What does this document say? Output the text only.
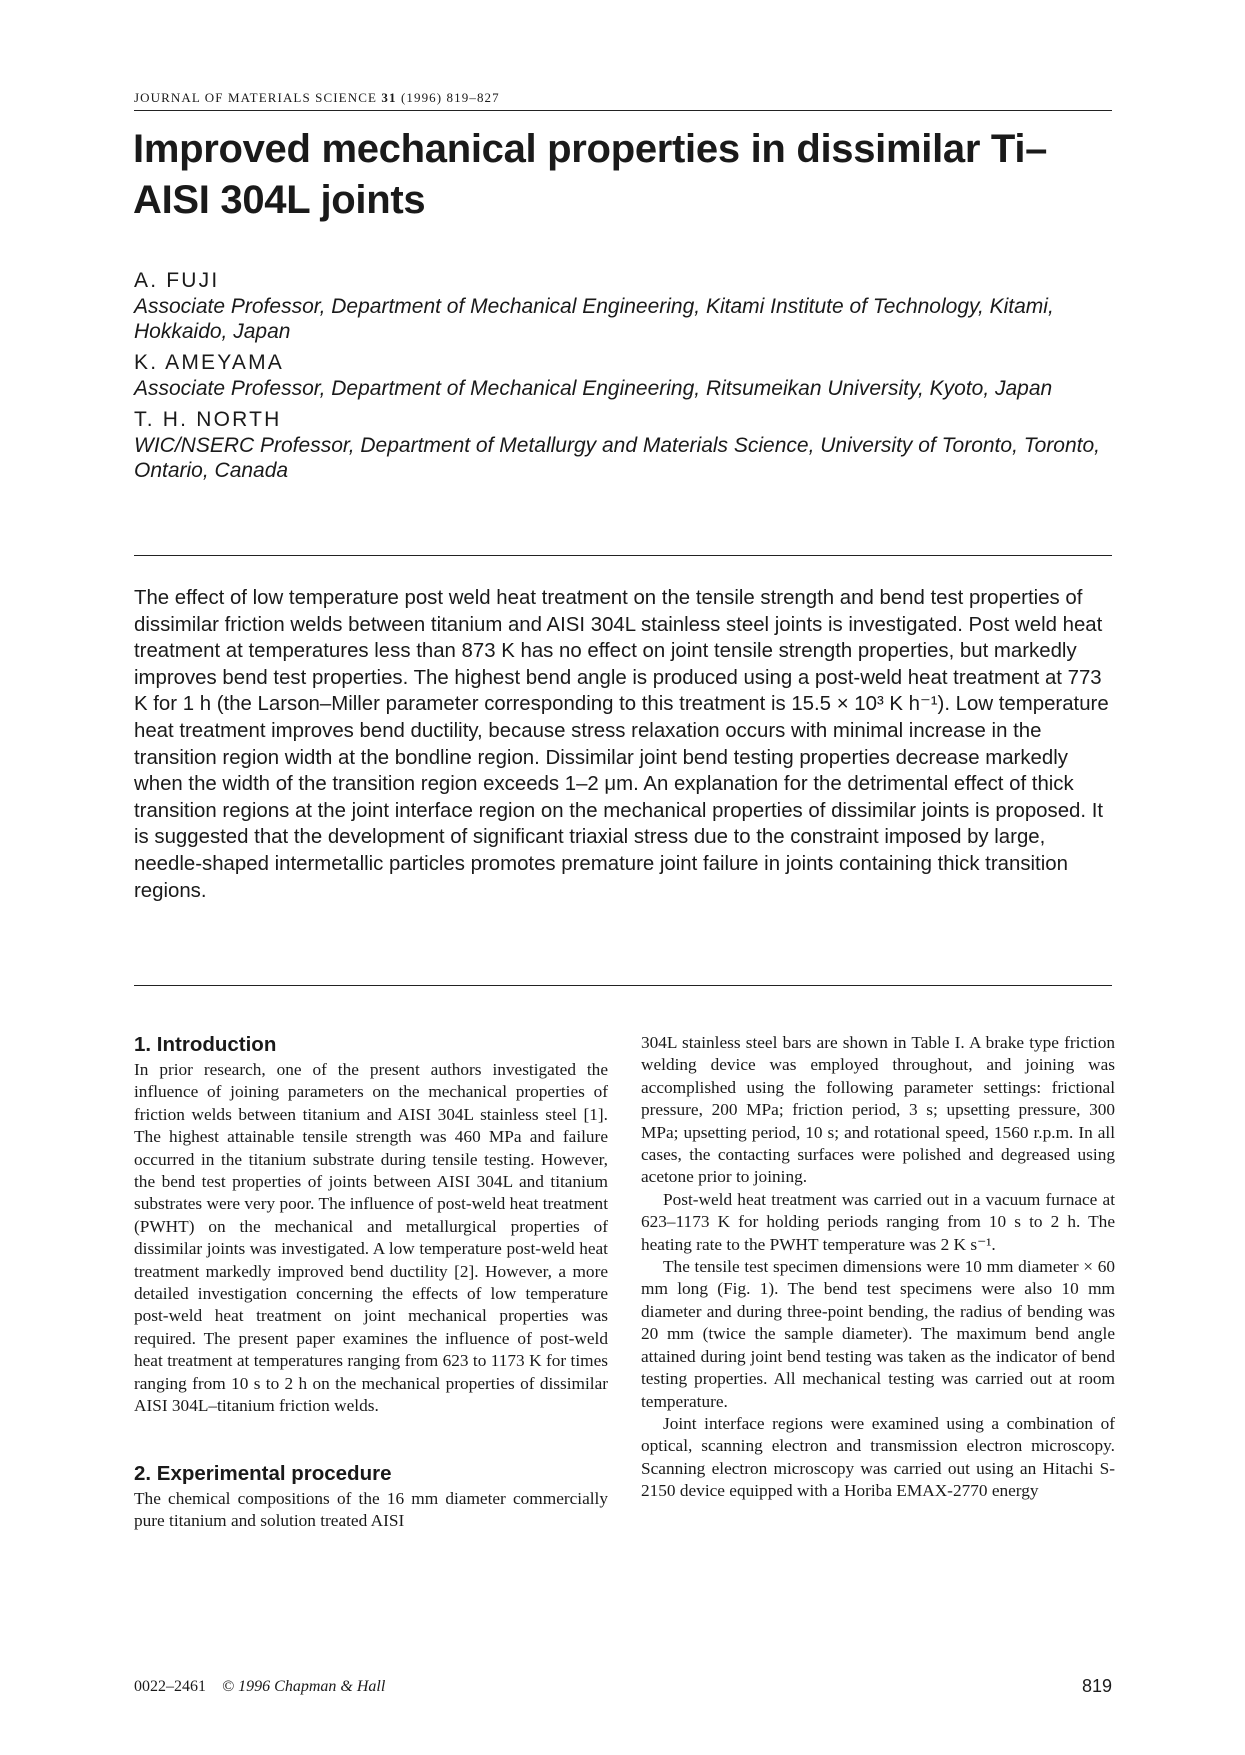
JOURNAL OF MATERIALS SCIENCE 31 (1996) 819–827
Improved mechanical properties in dissimilar Ti–AISI 304L joints
A. FUJI
Associate Professor, Department of Mechanical Engineering, Kitami Institute of Technology, Kitami, Hokkaido, Japan
K. AMEYAMA
Associate Professor, Department of Mechanical Engineering, Ritsumeikan University, Kyoto, Japan
T. H. NORTH
WIC/NSERC Professor, Department of Metallurgy and Materials Science, University of Toronto, Toronto, Ontario, Canada

The effect of low temperature post weld heat treatment on the tensile strength and bend test properties of dissimilar friction welds between titanium and AISI 304L stainless steel joints is investigated. Post weld heat treatment at temperatures less than 873 K has no effect on joint tensile strength properties, but markedly improves bend test properties. The highest bend angle is produced using a post-weld heat treatment at 773 K for 1 h (the Larson–Miller parameter corresponding to this treatment is 15.5 × 10³ K h⁻¹). Low temperature heat treatment improves bend ductility, because stress relaxation occurs with minimal increase in the transition region width at the bondline region. Dissimilar joint bend testing properties decrease markedly when the width of the transition region exceeds 1–2 μm. An explanation for the detrimental effect of thick transition regions at the joint interface region on the mechanical properties of dissimilar joints is proposed. It is suggested that the development of significant triaxial stress due to the constraint imposed by large, needle-shaped intermetallic particles promotes premature joint failure in joints containing thick transition regions.

1. Introduction

In prior research, one of the present authors investigated the influence of joining parameters on the mechanical properties of friction welds between titanium and AISI 304L stainless steel [1]. The highest attainable tensile strength was 460 MPa and failure occurred in the titanium substrate during tensile testing. However, the bend test properties of joints between AISI 304L and titanium substrates were very poor. The influence of post-weld heat treatment (PWHT) on the mechanical and metallurgical properties of dissimilar joints was investigated. A low temperature post-weld heat treatment markedly improved bend ductility [2]. However, a more detailed investigation concerning the effects of low temperature post-weld heat treatment on joint mechanical properties was required. The present paper examines the influence of post-weld heat treatment at temperatures ranging from 623 to 1173 K for times ranging from 10 s to 2 h on the mechanical properties of dissimilar AISI 304L–titanium friction welds.

2. Experimental procedure

The chemical compositions of the 16 mm diameter commercially pure titanium and solution treated AISI

304L stainless steel bars are shown in Table I. A brake type friction welding device was employed throughout, and joining was accomplished using the following parameter settings: frictional pressure, 200 MPa; friction period, 3 s; upsetting pressure, 300 MPa; upsetting period, 10 s; and rotational speed, 1560 r.p.m. In all cases, the contacting surfaces were polished and degreased using acetone prior to joining.

Post-weld heat treatment was carried out in a vacuum furnace at 623–1173 K for holding periods ranging from 10 s to 2 h. The heating rate to the PWHT temperature was 2 K s⁻¹.

The tensile test specimen dimensions were 10 mm diameter × 60 mm long (Fig. 1). The bend test specimens were also 10 mm diameter and during three-point bending, the radius of bending was 20 mm (twice the sample diameter). The maximum bend angle attained during joint bend testing was taken as the indicator of bend testing properties. All mechanical testing was carried out at room temperature.

Joint interface regions were examined using a combination of optical, scanning electron and transmission electron microscopy. Scanning electron microscopy was carried out using an Hitachi S-2150 device equipped with a Horiba EMAX-2770 energy

0022–2461 © 1996 Chapman & Hall	819
